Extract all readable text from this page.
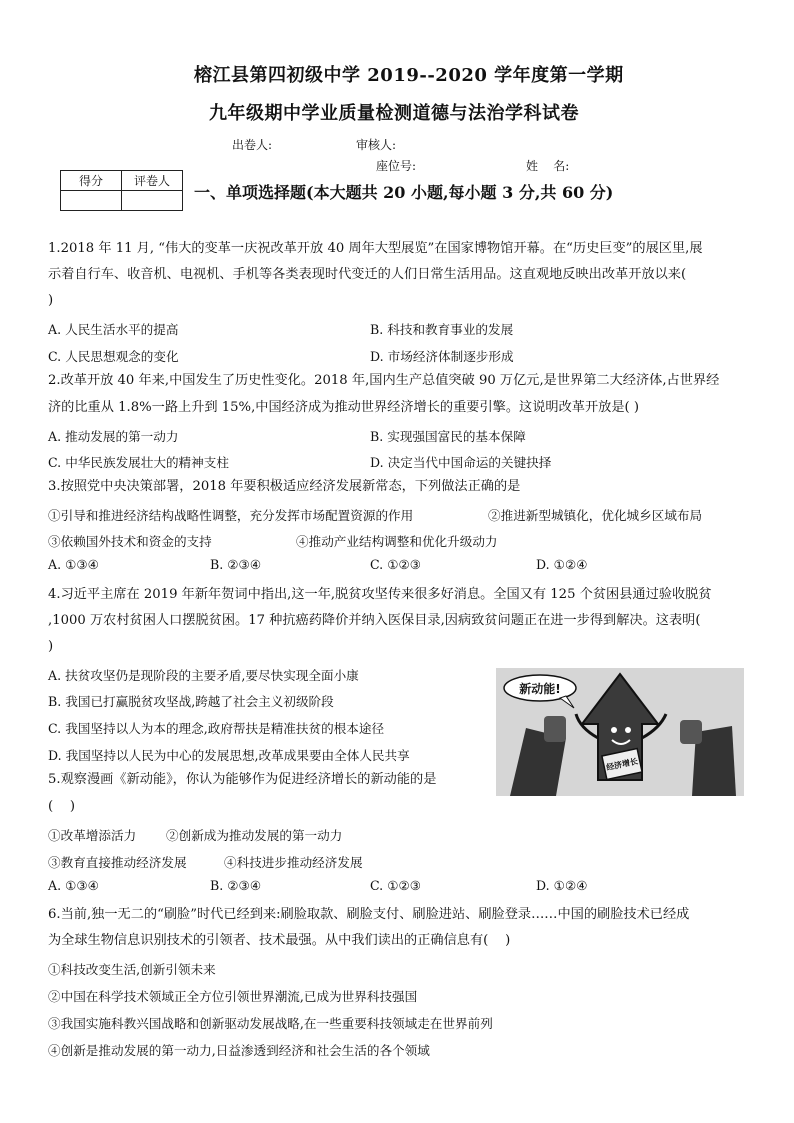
榕江县第四初级中学 2019--2020 学年度第一学期
九年级期中学业质量检测道德与法治学科试卷
出卷人:	审核人:
座位号:	姓    名:
得分	评卷人

一、单项选择题(本大题共 20 小题,每小题 3 分,共 60 分)
1.2018 年 11 月, “伟大的变革一庆祝改革开放 40 周年大型展览”在国家博物馆开幕。在“历史巨变”的展区里,展
示着自行车、收音机、电视机、手机等各类表现时代变迁的人们日常生活用品。这直观地反映出改革开放以来(
)
A. 人民生活水平的提高	B. 科技和教育事业的发展
C. 人民思想观念的变化	D. 市场经济体制逐步形成
2.改革开放 40 年来,中国发生了历史性变化。2018 年,国内生产总值突破 90 万亿元,是世界第二大经济体,占世界经
济的比重从 1.8%一路上升到 15%,中国经济成为推动世界经济增长的重要引擎。这说明改革开放是( )
A. 推动发展的第一动力	B. 实现强国富民的基本保障
C. 中华民族发展壮大的精神支柱	D. 决定当代中国命运的关键抉择
3.按照党中央决策部署，2018 年要积极适应经济发展新常态，下列做法正确的是
①引导和推进经济结构战略性调整，充分发挥市场配置资源的作用	②推进新型城镇化，优化城乡区域布局
③依赖国外技术和资金的支持	④推动产业结构调整和优化升级动力
A. ①③④	B. ②③④	C. ①②③	D. ①②④
4.习近平主席在 2019 年新年贺词中指出,这一年,脱贫攻坚传来很多好消息。全国又有 125 个贫困县通过验收脱贫
,1000 万农村贫困人口摆脱贫困。17 种抗癌药降价并纳入医保目录,因病致贫问题正在进一步得到解决。这表明(
)
A. 扶贫攻坚仍是现阶段的主要矛盾,要尽快实现全面小康
B. 我国已打赢脱贫攻坚战,跨越了社会主义初级阶段
C. 我国坚持以人为本的理念,政府帮扶是精准扶贫的根本途径
D. 我国坚持以人民为中心的发展思想,改革成果要由全体人民共享
新动能!
经济增长
5.观察漫画《新动能》，你认为能够作为促进经济增长的新动能的是
(    )
①改革增添活力 ②创新成为推动发展的第一动力
③教育直接推动经济发展	④科技进步推动经济发展
A. ①③④	B. ②③④	C. ①②③	D. ①②④
6.当前,独一无二的“刷脸”时代已经到来:刷脸取款、刷脸支付、刷脸进站、刷脸登录……中国的刷脸技术已经成
为全球生物信息识别技术的引领者、技术最强。从中我们读出的正确信息有(    )
①科技改变生活,创新引领未来
②中国在科学技术领域正全方位引领世界潮流,已成为世界科技强国
③我国实施科教兴国战略和创新驱动发展战略,在一些重要科技领域走在世界前列
④创新是推动发展的第一动力,日益渗透到经济和社会生活的各个领域
